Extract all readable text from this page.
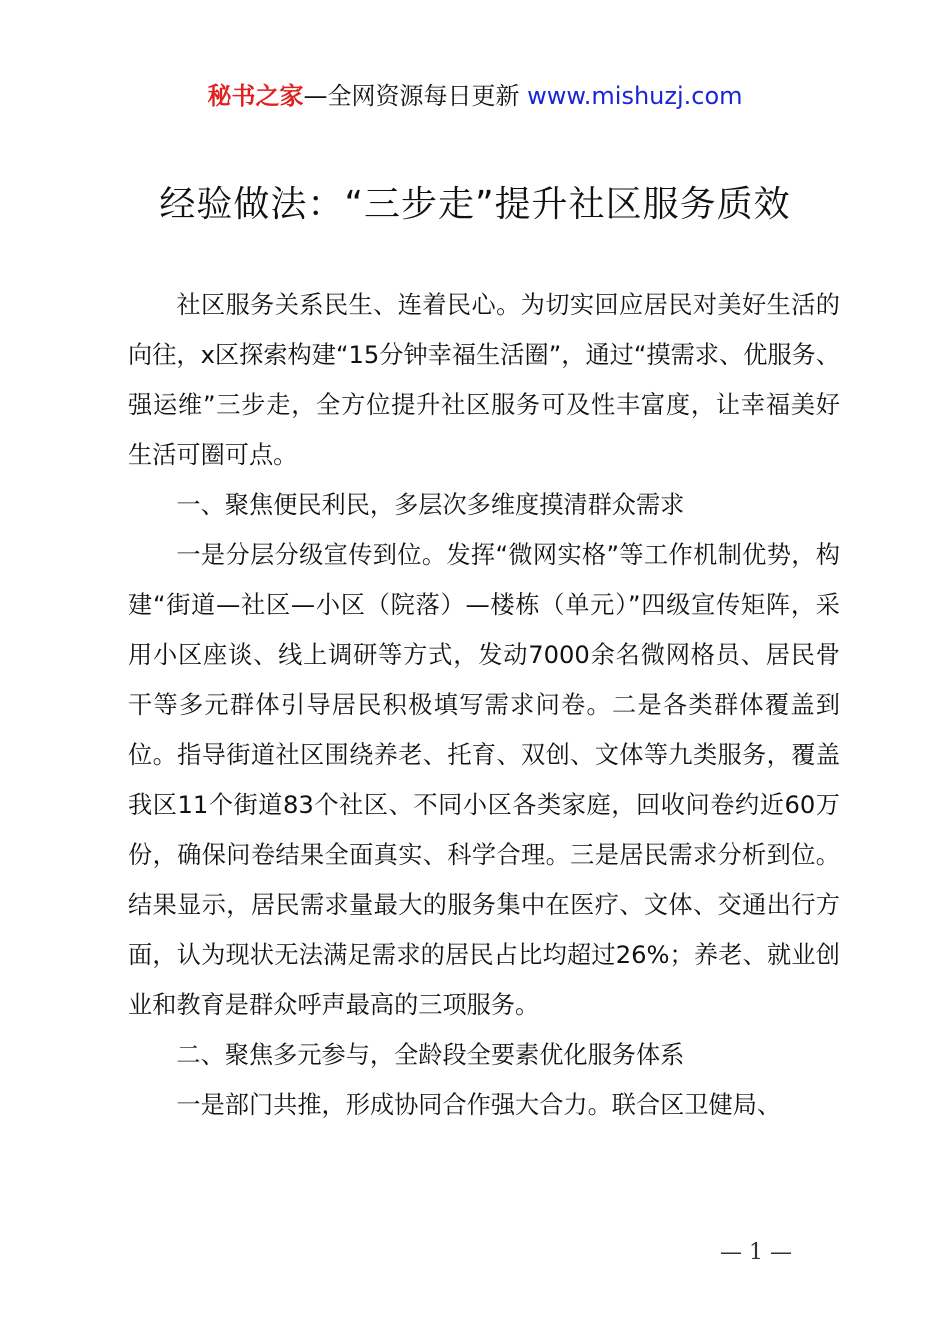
秘书之家—全网资源每日更新 www.mishuzj.com
经验做法：“三步走”提升社区服务质效

社区服务关系民生、连着民心。为切实回应居民对美好生活的向往，x区探索构建“15分钟幸福生活圈”，通过“摸需求、优服务、强运维”三步走，全方位提升社区服务可及性丰富度，让幸福美好生活可圈可点。

一、聚焦便民利民，多层次多维度摸清群众需求

一是分层分级宣传到位。发挥“微网实格”等工作机制优势，构建“街道—社区—小区（院落）—楼栋（单元）”四级宣传矩阵，采用小区座谈、线上调研等方式，发动7000余名微网格员、居民骨干等多元群体引导居民积极填写需求问卷。二是各类群体覆盖到位。指导街道社区围绕养老、托育、双创、文体等九类服务，覆盖我区11个街道83个社区、不同小区各类家庭，回收问卷约近60万份，确保问卷结果全面真实、科学合理。三是居民需求分析到位。结果显示，居民需求量最大的服务集中在医疗、文体、交通出行方面，认为现状无法满足需求的居民占比均超过26%；养老、就业创业和教育是群众呼声最高的三项服务。

二、聚焦多元参与，全龄段全要素优化服务体系

一是部门共推，形成协同合作强大合力。联合区卫健局、

— 1 —
